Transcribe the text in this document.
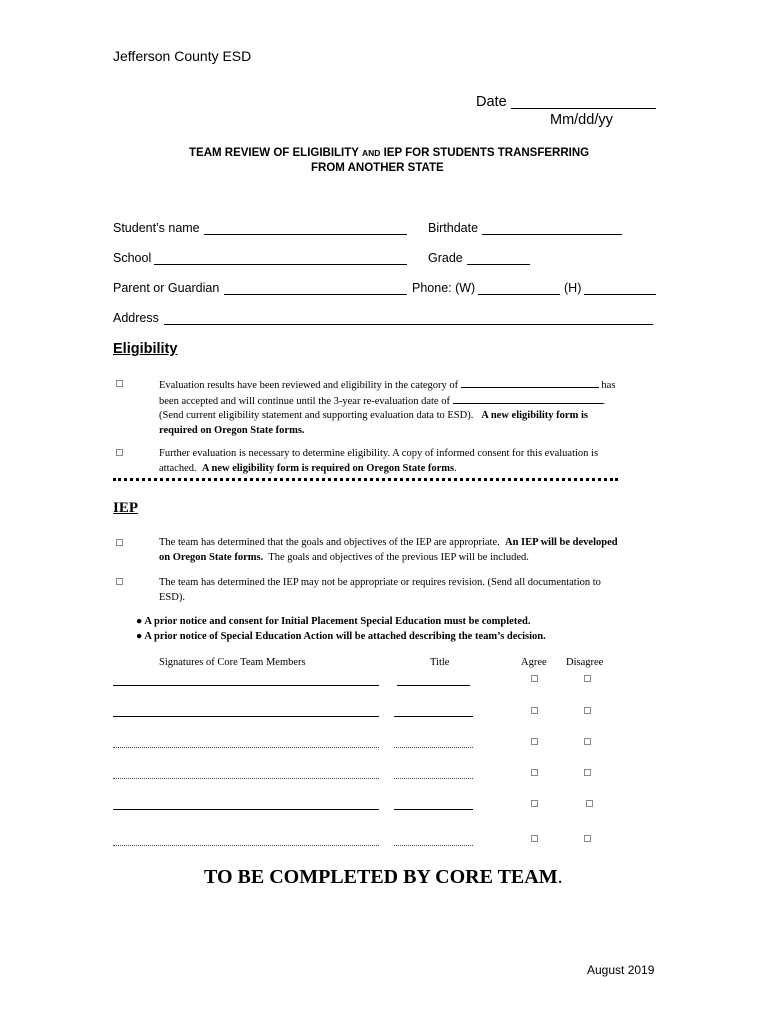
Jefferson County ESD
Date
Mm/dd/yy
TEAM REVIEW OF ELIGIBILITY AND IEP FOR STUDENTS TRANSFERRING
FROM ANOTHER STATE
Student’s name	Birthdate
School	Grade
Parent or Guardian	Phone: (W)	(H)
Address
Eligibility
Evaluation results have been reviewed and eligibility in the category of	has
been accepted and will continue until the 3-year re-evaluation date of	.
(Send current eligibility statement and supporting evaluation data to ESD). A new eligibility form is
required on Oregon State forms.
Further evaluation is necessary to determine eligibility. A copy of informed consent for this evaluation is
attached. A new eligibility form is required on Oregon State forms.
IEP
The team has determined that the goals and objectives of the IEP are appropriate. An IEP will be developed
on Oregon State forms. The goals and objectives of the previous IEP will be included.
The team has determined the IEP may not be appropriate or requires revision. (Send all documentation to
ESD).
● A prior notice and consent for Initial Placement Special Education must be completed.
● A prior notice of Special Education Action will be attached describing the team’s decision.
Signatures of Core Team Members	Title	Agree Disagree
TO BE COMPLETED BY CORE TEAM.
August 2019
